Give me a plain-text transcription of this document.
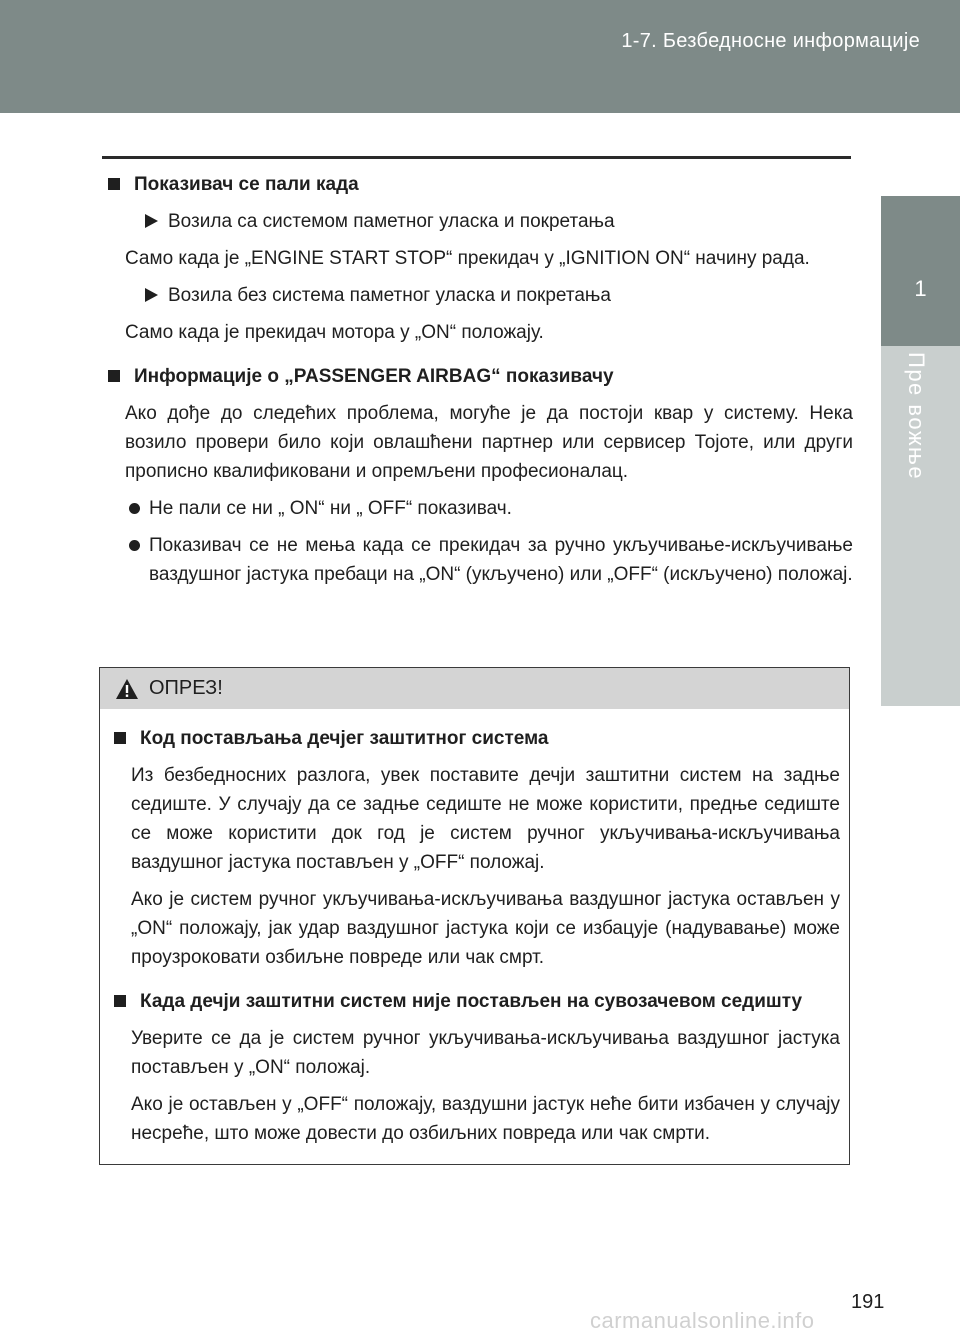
1-7. Безбедносне информације
1
Пре вожње
Показивач се пали када
Возила са системом паметног уласка и покретања
Само када је „ENGINE START STOP“ прекидач у „IGNITION ON“ начину рада.
Возила без система паметног уласка и покретања
Само када је прекидач мотора у „ON“ положају.
Информације о „PASSENGER AIRBAG“ показивачу
Ако дође до следећих проблема, могуће је да постоји квар у систему. Нека возило провери било који овлашћени партнер или сервисер Тојоте, или други прописно квалификовани и опремљени професионалац.
Не пали се ни „ ON“ ни „ OFF“ показивач.
Показивач се не мења када се прекидач за ручно укључивање-искључивање ваздушног јастука пребаци на „ON“ (укључено) или „OFF“ (искључено) положај.
ОПРЕЗ!
Код постављања дечјег заштитног система
Из безбедносних разлога, увек поставите дечји заштитни систем на задње седиште. У случају да се задње седиште не може користити, предње седиште се може користити док год је систем ручног укључивања-искључивања ваздушног јастука постављен у „OFF“ положај.
Ако је систем ручног укључивања-искључивања ваздушног јастука остављен у „ON“ положају, јак удар ваздушног јастука који се избацује (надувавање) може проузроковати озбиљне повреде или чак смрт.
Када дечји заштитни систем није постављен на сувозачевом седишту
Уверите се да је систем ручног укључивања-искључивања ваздушног јастука постављен у „ON“ положај.
Ако је остављен у „OFF“ положају, ваздушни јастук неће бити избачен у случају несреће, што може довести до озбиљних повреда или чак смрти.
191
carmanualsonline.info
